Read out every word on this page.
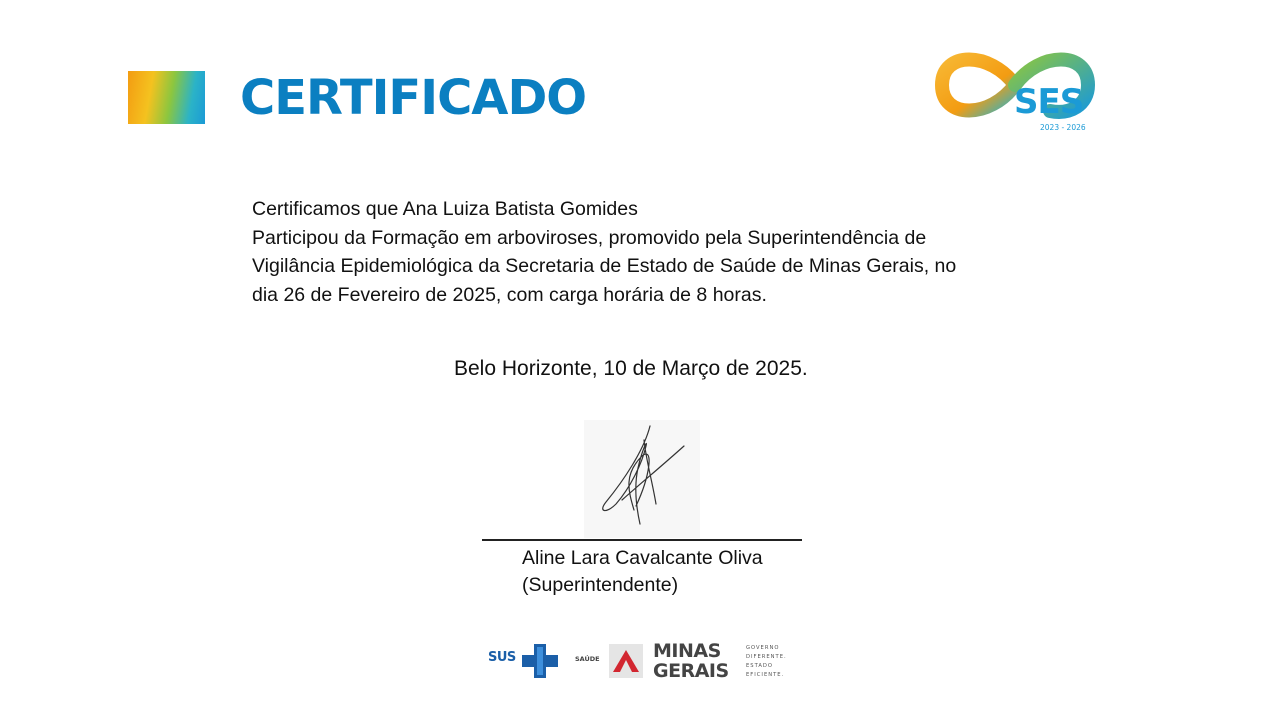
CERTIFICADO	SES
2023 - 2026

Certificamos que Ana Luiza Batista Gomides

Participou da Formação em arboviroses, promovido pela Superintendência de

Vigilância Epidemiológica da Secretaria de Estado de Saúde de Minas Gerais, no

dia 26 de Fevereiro de 2025, com carga horária de 8 horas.

Belo Horizonte, 10 de Março de 2025.
Aline Lara Cavalcante Oliva
(Superintendente)
SUS	SAÚDE	MINAS
GERAIS
GOVERNO
DIFERENTE.
ESTADO
EFICIENTE.
